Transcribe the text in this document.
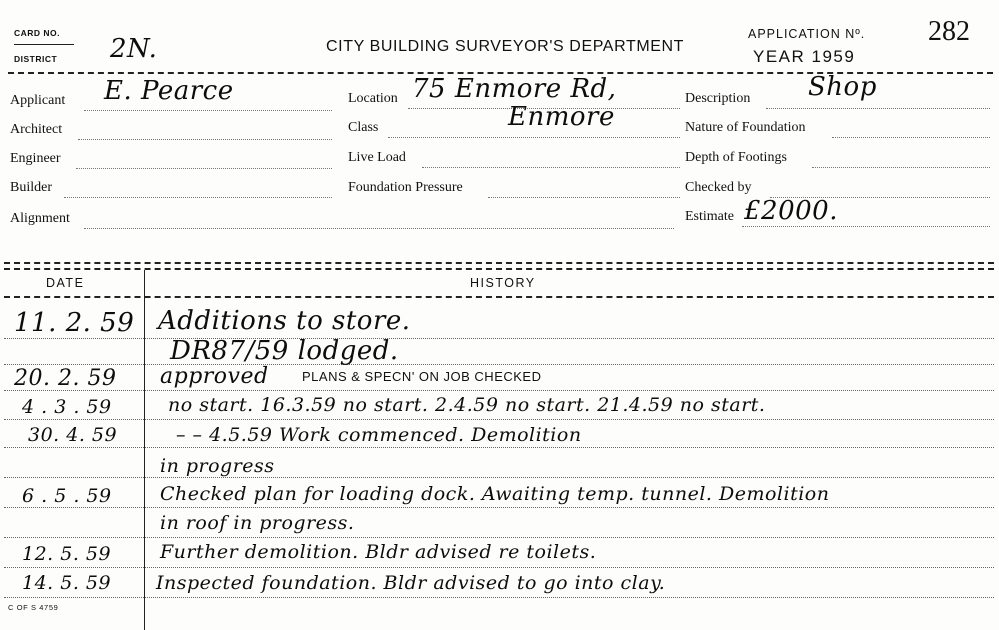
CARD NO.
DISTRICT 2N.	CITY BUILDING SURVEYOR'S DEPARTMENT
APPLICATION Nº. 282
YEAR 1959
Applicant E. Pearce
Architect
Engineer
Builder
Alignment
Location 75 Enmore Rd,
Class	Enmore
Live Load
Foundation Pressure
Description Shop
Nature of Foundation
Depth of Footings
Checked by
Estimate £2000.
DATE	HISTORY
11. 2. 59 Additions to store.
DR87/59 lodged.
20. 2. 59 approved	PLANS & SPECN' ON JOB CHECKED
4 . 3 . 59	no start. 16.3.59 no start. 2.4.59 no start. 21.4.59 no start.
30. 4. 59	– – 4.5.59 Work commenced. Demolition
in progress
6 . 5 . 59	Checked plan for loading dock. Awaiting temp. tunnel. Demolition
in roof in progress.
12. 5. 59	Further demolition. Bldr advised re toilets.
14. 5. 59 Inspected foundation. Bldr advised to go into clay.
C OF S 4759
